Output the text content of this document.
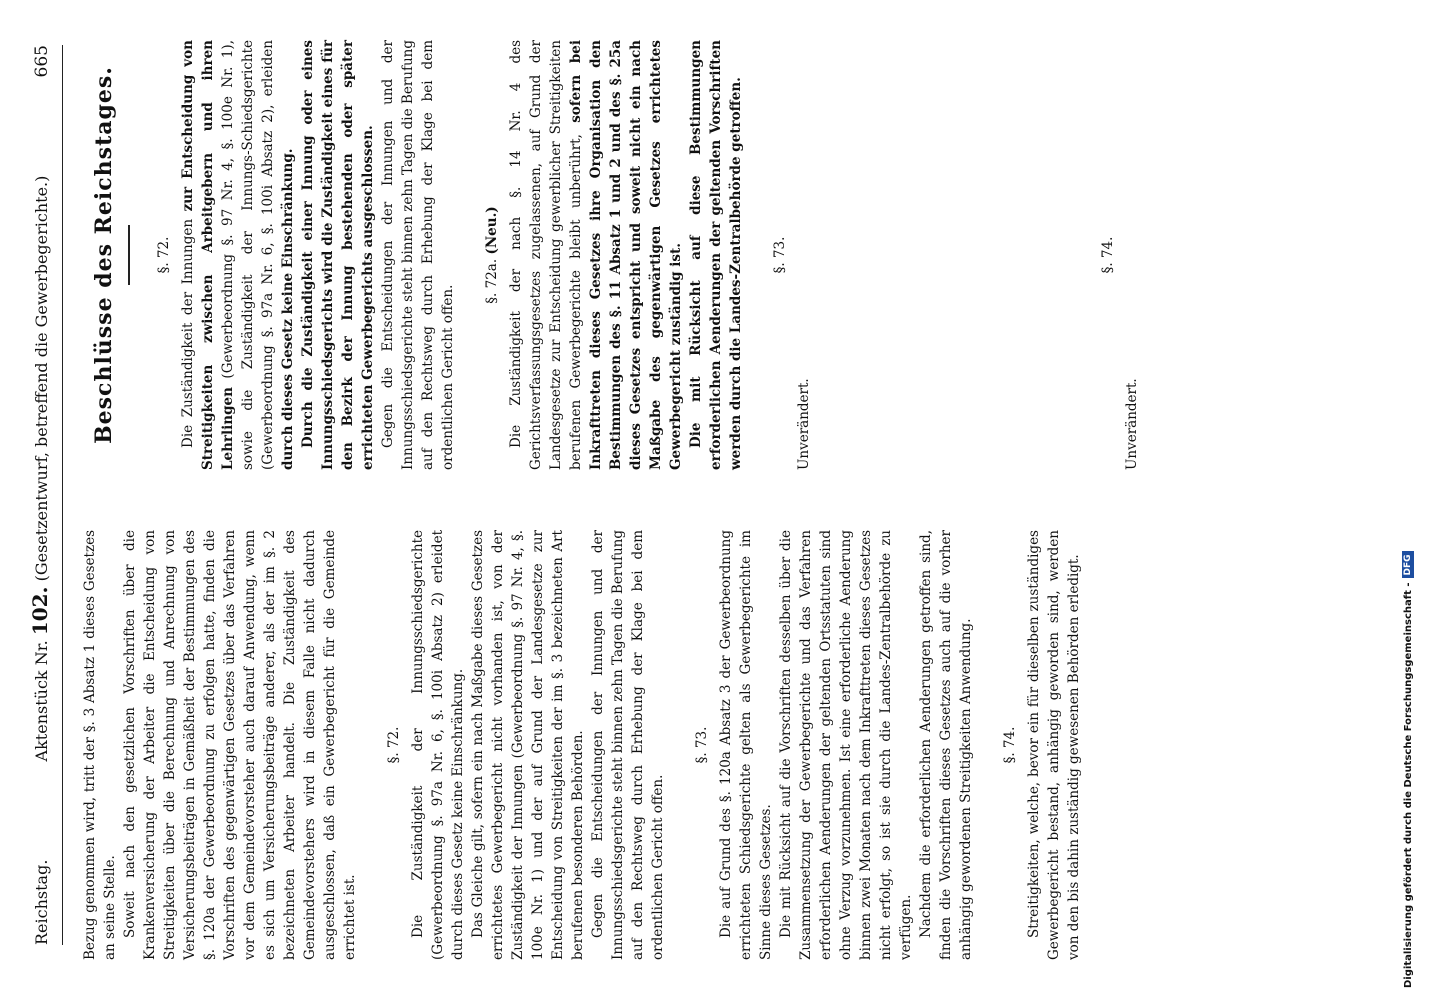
Reichstag.
Aktenstück Nr. 102. (Gesetzentwurf, betreffend die Gewerbegerichte.)
665

Bezug genommen wird, tritt der §. 3 Absatz 1 dieses Gesetzes an seine Stelle. Soweit nach den gesetzlichen Vorschriften über die Krankenversicherung der Arbeiter die Entscheidung von Streitigkeiten über die Berechnung und Anrechnung von Versicherungsbeiträgen in Gemäßheit der Bestimmungen des §. 120a der Gewerbeordnung zu erfolgen hatte, finden die Vorschriften des gegenwärtigen Gesetzes über das Verfahren vor dem Gemeindevorsteher auch darauf Anwendung, wenn es sich um Versicherungsbeiträge anderer, als der im §. 2 bezeichneten Arbeiter handelt. Die Zuständigkeit des Gemeindevorstehers wird in diesem Falle nicht dadurch ausgeschlossen, daß ein Gewerbegericht für die Gemeinde errichtet ist.

§. 72. Die Zuständigkeit der Innungsschiedsgerichte (Gewerbeordnung §. 97a Nr. 6, §. 100i Absatz 2) erleidet durch dieses Gesetz keine Einschränkung. Das Gleiche gilt, sofern ein nach Maßgabe dieses Gesetzes errichtetes Gewerbegericht nicht vorhanden ist, von der Zuständigkeit der Innungen (Gewerbeordnung §. 97 Nr. 4, §. 100e Nr. 1) und der auf Grund der Landesgesetze zur Entscheidung von Streitigkeiten der im §. 3 bezeichneten Art berufenen besonderen Behörden. Gegen die Entscheidungen der Innungen und der Innungsschiedsgerichte steht binnen zehn Tagen die Berufung auf den Rechtsweg durch Erhebung der Klage bei dem ordentlichen Gericht offen.

§. 73. Die auf Grund des §. 120a Absatz 3 der Gewerbeordnung errichteten Schiedsgerichte gelten als Gewerbegerichte im Sinne dieses Gesetzes. Die mit Rücksicht auf die Vorschriften desselben über die Zusammensetzung der Gewerbegerichte und das Verfahren erforderlichen Aenderungen der geltenden Ortsstatuten sind ohne Verzug vorzunehmen. Ist eine erforderliche Aenderung binnen zwei Monaten nach dem Inkrafttreten dieses Gesetzes nicht erfolgt, so ist sie durch die Landes-Zentralbehörde zu verfügen. Nachdem die erforderlichen Aenderungen getroffen sind, finden die Vorschriften dieses Gesetzes auch auf die vorher anhängig gewordenen Streitigkeiten Anwendung. §. 74. Streitigkeiten, welche, bevor ein für dieselben zuständiges Gewerbegericht bestand, anhängig geworden sind, werden von den bis dahin zuständig gewesenen Behörden erledigt.

Beschlüsse des Reichstages.	§. 72. Die Zuständigkeit der Innungen zur Entscheidung von Streitigkeiten zwischen Arbeitgebern und ihren Lehrlingen (Gewerbeordnung §. 97 Nr. 4, §. 100e Nr. 1), sowie die Zuständigkeit der Innungs-Schiedsgerichte (Gewerbeordnung §. 97a Nr. 6, §. 100i Absatz 2), erleiden durch dieses Gesetz keine Einschränkung. Durch die Zuständigkeit einer Innung oder eines Innungsschiedsgerichts wird die Zuständigkeit eines für den Bezirk der Innung bestehenden oder später errichteten Gewerbegerichts ausgeschlossen. Gegen die Entscheidungen der Innungen und der Innungsschiedsgerichte steht binnen zehn Tagen die Berufung auf den Rechtsweg durch Erhebung der Klage bei dem ordentlichen Gericht offen.

§. 72a. (Neu.) Die Zuständigkeit der nach §. 14 Nr. 4 des Gerichtsverfassungsgesetzes zugelassenen, auf Grund der Landesgesetze zur Entscheidung gewerblicher Streitigkeiten berufenen Gewerbegerichte bleibt unberührt, sofern bei Inkrafttreten dieses Gesetzes ihre Organisation den Bestimmungen des §. 11 Absatz 1 und 2 und des §. 25a dieses Gesetzes entspricht und soweit nicht ein nach Maßgabe des gegenwärtigen Gesetzes errichtetes Gewerbegericht zuständig ist. Die mit Rücksicht auf diese Bestimmungen erforderlichen Aenderungen der geltenden Vorschriften werden durch die Landes-Zentralbehörde getroffen. §. 73.

Unverändert.

§. 74.

Unverändert.

Digitalisierung gefördert durch die Deutsche Forschungsgemeinschaft -
DFG
